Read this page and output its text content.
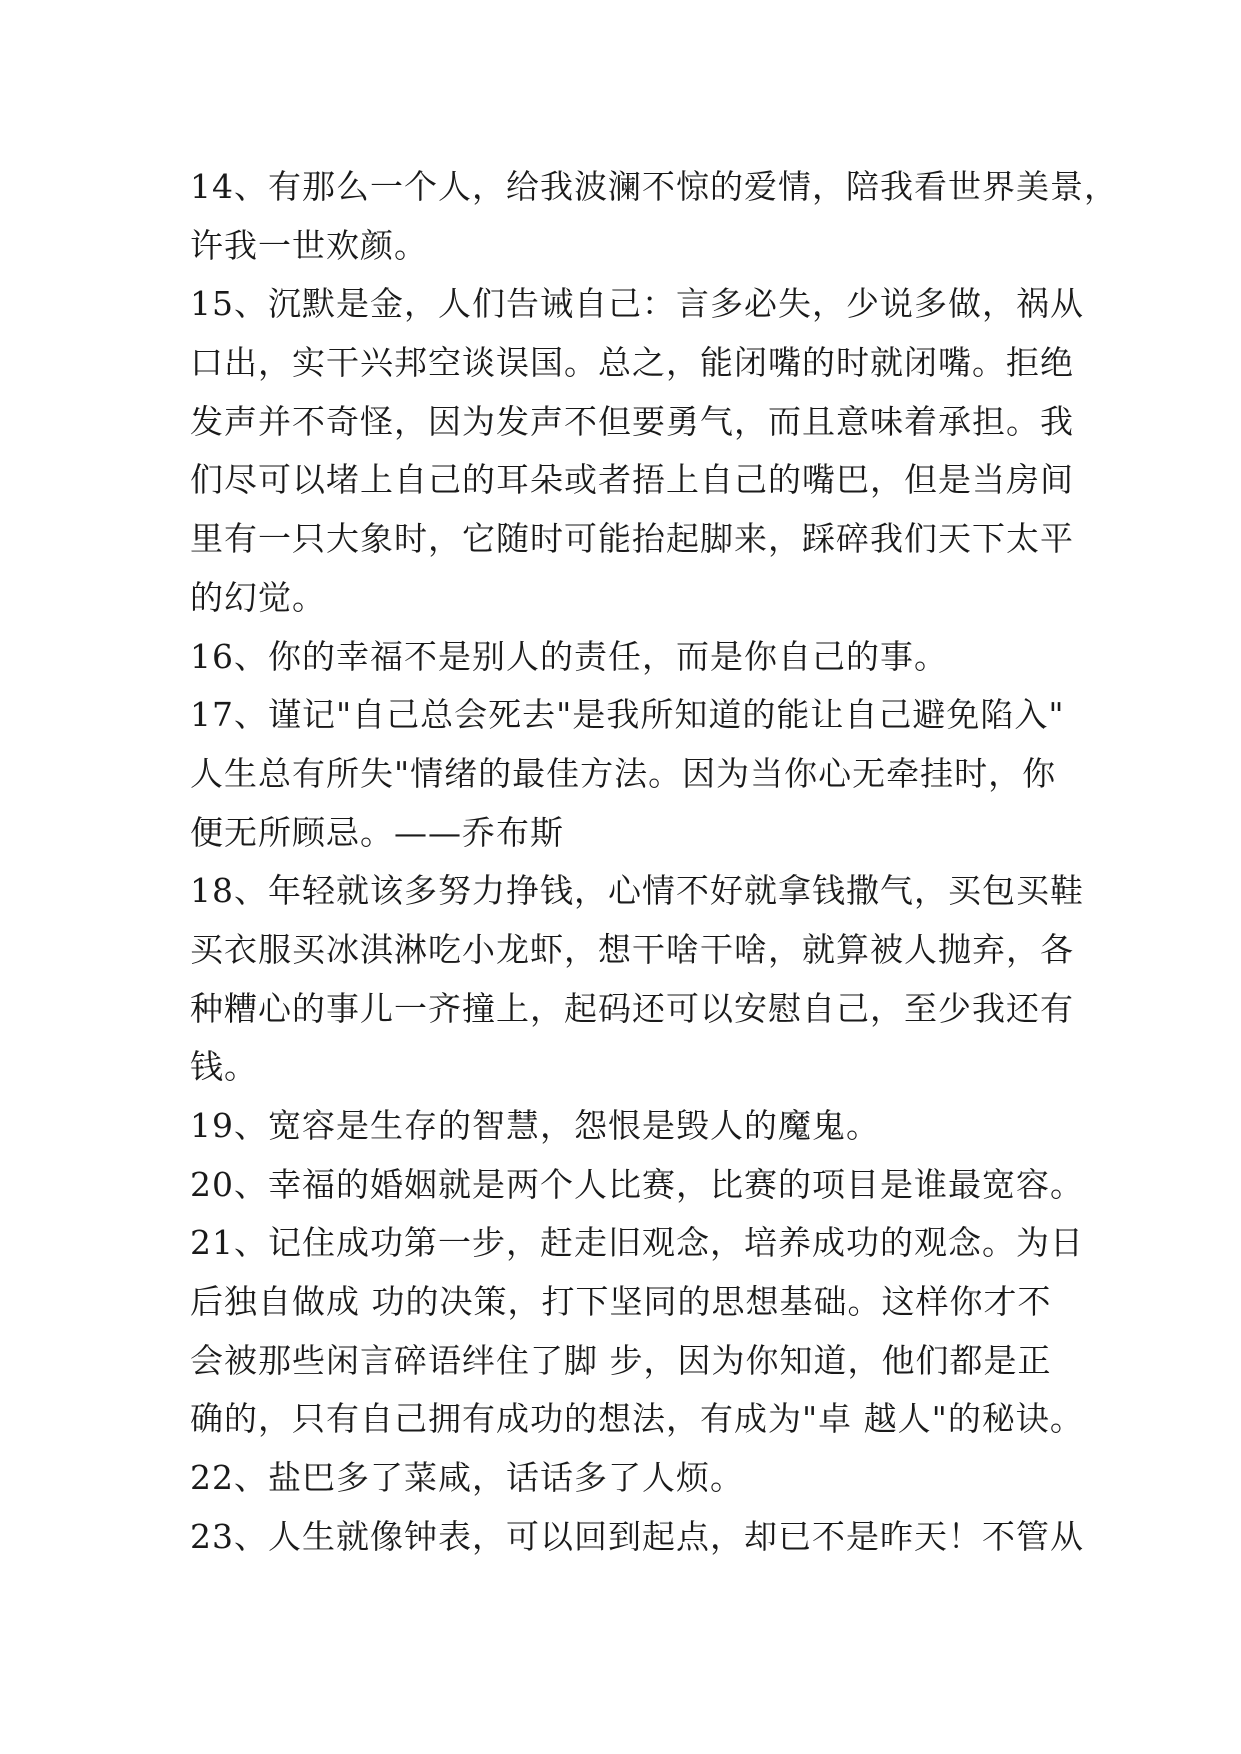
14、有那么一个人，给我波澜不惊的爱情，陪我看世界美景，
许我一世欢颜。
15、沉默是金，人们告诫自己：言多必失，少说多做，祸从
口出，实干兴邦空谈误国。总之，能闭嘴的时就闭嘴。拒绝
发声并不奇怪，因为发声不但要勇气，而且意味着承担。我
们尽可以堵上自己的耳朵或者捂上自己的嘴巴，但是当房间
里有一只大象时，它随时可能抬起脚来，踩碎我们天下太平
的幻觉。
16、你的幸福不是别人的责任，而是你自己的事。
17、谨记"自己总会死去"是我所知道的能让自己避免陷入"
人生总有所失"情绪的最佳方法。因为当你心无牵挂时，你
便无所顾忌。——乔布斯
18、年轻就该多努力挣钱，心情不好就拿钱撒气，买包买鞋
买衣服买冰淇淋吃小龙虾，想干啥干啥，就算被人抛弃，各
种糟心的事儿一齐撞上，起码还可以安慰自己，至少我还有
钱。
19、宽容是生存的智慧，怨恨是毁人的魔鬼。
20、幸福的婚姻就是两个人比赛，比赛的项目是谁最宽容。
21、记住成功第一步，赶走旧观念，培养成功的观念。为日
后独自做成 功的决策，打下坚同的思想基础。这样你才不
会被那些闲言碎语绊住了脚 步，因为你知道，他们都是正
确的，只有自己拥有成功的想法，有成为"卓 越人"的秘诀。
22、盐巴多了菜咸，话话多了人烦。
23、人生就像钟表，可以回到起点，却已不是昨天！不管从
